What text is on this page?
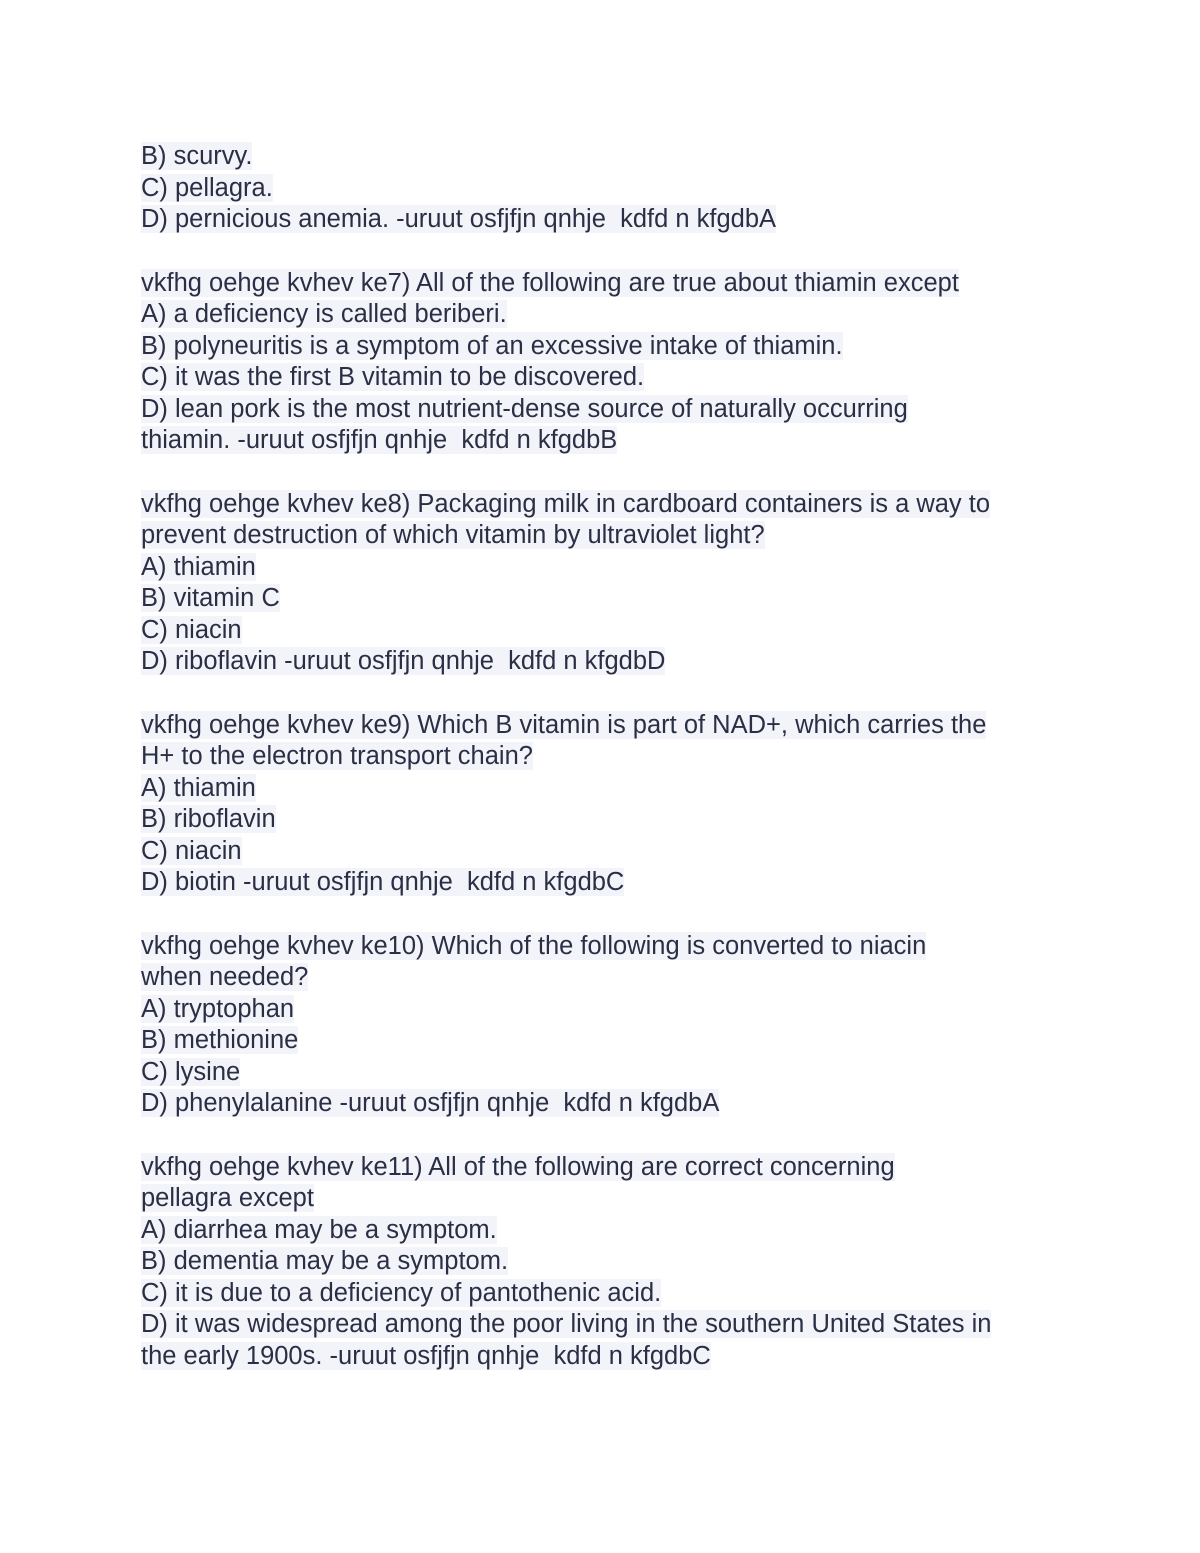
B) scurvy.
C) pellagra.
D) pernicious anemia. -uruut osfjfjn qnhje  kdfd n kfgdbA
vkfhg oehge kvhev ke7) All of the following are true about thiamin except
A) a deficiency is called beriberi.
B) polyneuritis is a symptom of an excessive intake of thiamin.
C) it was the first B vitamin to be discovered.
D) lean pork is the most nutrient-dense source of naturally occurring
thiamin. -uruut osfjfjn qnhje  kdfd n kfgdbB
vkfhg oehge kvhev ke8) Packaging milk in cardboard containers is a way to
prevent destruction of which vitamin by ultraviolet light?
A) thiamin
B) vitamin C
C) niacin
D) riboflavin -uruut osfjfjn qnhje  kdfd n kfgdbD
vkfhg oehge kvhev ke9) Which B vitamin is part of NAD+, which carries the
H+ to the electron transport chain?
A) thiamin
B) riboflavin
C) niacin
D) biotin -uruut osfjfjn qnhje  kdfd n kfgdbC
vkfhg oehge kvhev ke10) Which of the following is converted to niacin
when needed?
A) tryptophan
B) methionine
C) lysine
D) phenylalanine -uruut osfjfjn qnhje  kdfd n kfgdbA
vkfhg oehge kvhev ke11) All of the following are correct concerning
pellagra except
A) diarrhea may be a symptom.
B) dementia may be a symptom.
C) it is due to a deficiency of pantothenic acid.
D) it was widespread among the poor living in the southern United States in
the early 1900s. -uruut osfjfjn qnhje  kdfd n kfgdbC
